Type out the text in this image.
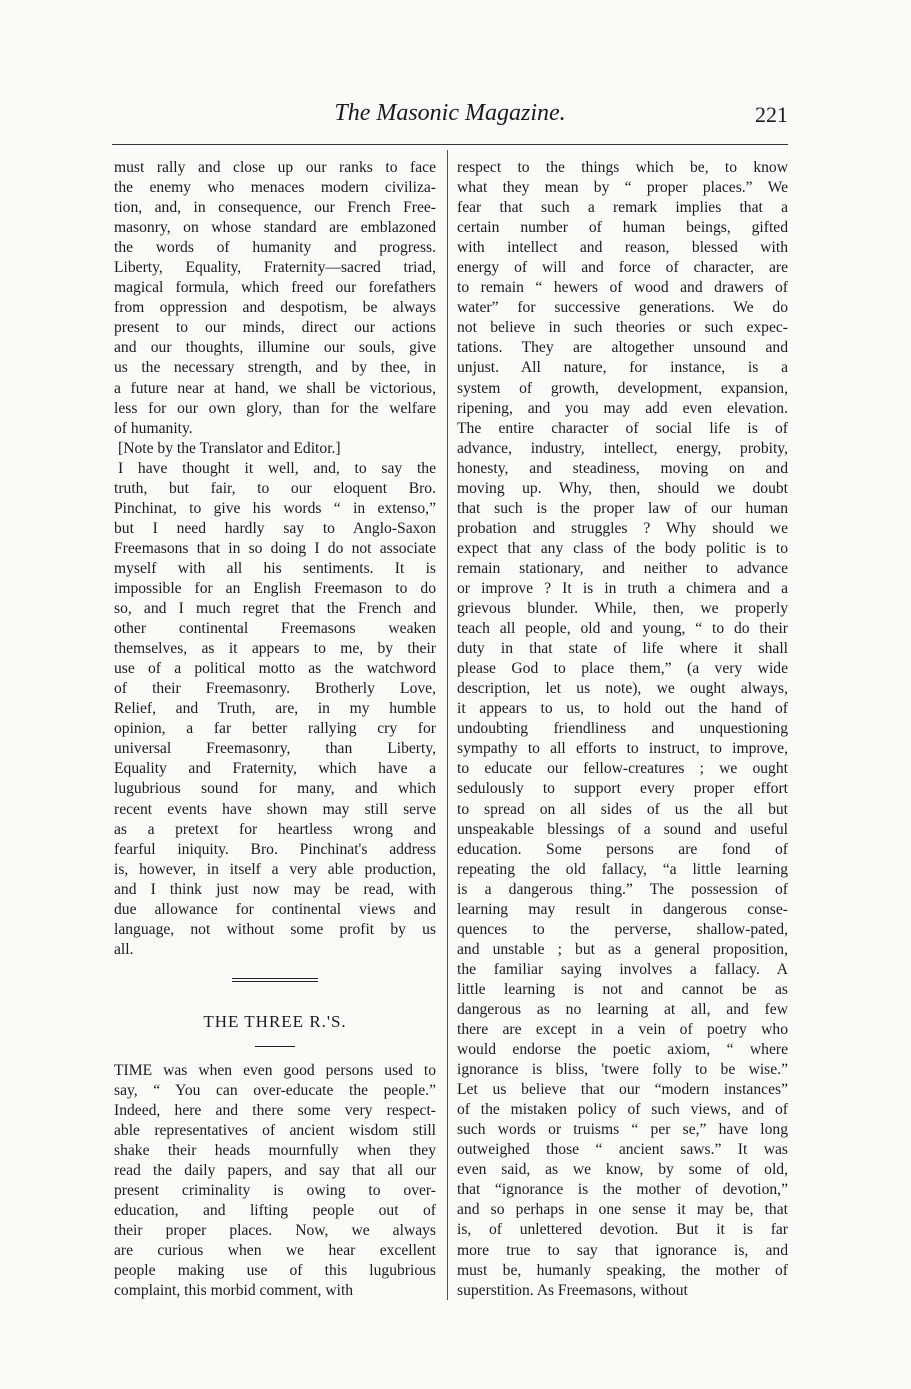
The Masonic Magazine.	221
must rally and close up our ranks to face
the enemy who menaces modern civiliza-
tion, and, in consequence, our French Free-
masonry, on whose standard are emblazoned
the words of humanity and progress.
Liberty, Equality, Fraternity—sacred triad,
magical formula, which freed our forefathers
from oppression and despotism, be always
present to our minds, direct our actions
and our thoughts, illumine our souls, give
us the necessary strength, and by thee, in
a future near at hand, we shall be victorious,
less for our own glory, than for the welfare
of humanity.
[Note by the Translator and Editor.]
I have thought it well, and, to say the
truth, but fair, to our eloquent Bro.
Pinchinat, to give his words “ in extenso,”
but I need hardly say to Anglo-Saxon
Freemasons that in so doing I do not associate
myself with all his sentiments. It is
impossible for an English Freemason to do
so, and I much regret that the French and
other continental Freemasons weaken
themselves, as it appears to me, by their
use of a political motto as the watchword
of their Freemasonry. Brotherly Love,
Relief, and Truth, are, in my humble
opinion, a far better rallying cry for
universal Freemasonry, than Liberty,
Equality and Fraternity, which have a
lugubrious sound for many, and which
recent events have shown may still serve
as a pretext for heartless wrong and
fearful iniquity. Bro. Pinchinat's address
is, however, in itself a very able production,
and I think just now may be read, with
due allowance for continental views and
language, not without some profit by us
all.
THE THREE R.'S.
TIME was when even good persons used to
say, “ You can over-educate the people.”
Indeed, here and there some very respect-
able representatives of ancient wisdom still
shake their heads mournfully when they
read the daily papers, and say that all our
present criminality is owing to over-
education, and lifting people out of
their proper places. Now, we always
are curious when we hear excellent
people making use of this lugubrious
complaint, this morbid comment, with
respect to the things which be, to know
what they mean by “ proper places.” We
fear that such a remark implies that a
certain number of human beings, gifted
with intellect and reason, blessed with
energy of will and force of character, are
to remain “ hewers of wood and drawers of
water” for successive generations. We do
not believe in such theories or such expec-
tations. They are altogether unsound and
unjust. All nature, for instance, is a
system of growth, development, expansion,
ripening, and you may add even elevation.
The entire character of social life is of
advance, industry, intellect, energy, probity,
honesty, and steadiness, moving on and
moving up. Why, then, should we doubt
that such is the proper law of our human
probation and struggles ? Why should we
expect that any class of the body politic is to
remain stationary, and neither to advance
or improve ? It is in truth a chimera and a
grievous blunder. While, then, we properly
teach all people, old and young, “ to do their
duty in that state of life where it shall
please God to place them,” (a very wide
description, let us note), we ought always,
it appears to us, to hold out the hand of
undoubting friendliness and unquestioning
sympathy to all efforts to instruct, to improve,
to educate our fellow-creatures ; we ought
sedulously to support every proper effort
to spread on all sides of us the all but
unspeakable blessings of a sound and useful
education. Some persons are fond of
repeating the old fallacy, “a little learning
is a dangerous thing.” The possession of
learning may result in dangerous conse-
quences to the perverse, shallow-pated,
and unstable ; but as a general proposition,
the familiar saying involves a fallacy. A
little learning is not and cannot be as
dangerous as no learning at all, and few
there are except in a vein of poetry who
would endorse the poetic axiom, “ where
ignorance is bliss, 'twere folly to be wise.”
Let us believe that our “modern instances”
of the mistaken policy of such views, and of
such words or truisms “ per se,” have long
outweighed those “ ancient saws.” It was
even said, as we know, by some of old,
that “ignorance is the mother of devotion,”
and so perhaps in one sense it may be, that
is, of unlettered devotion. But it is far
more true to say that ignorance is, and
must be, humanly speaking, the mother of
superstition. As Freemasons, without
